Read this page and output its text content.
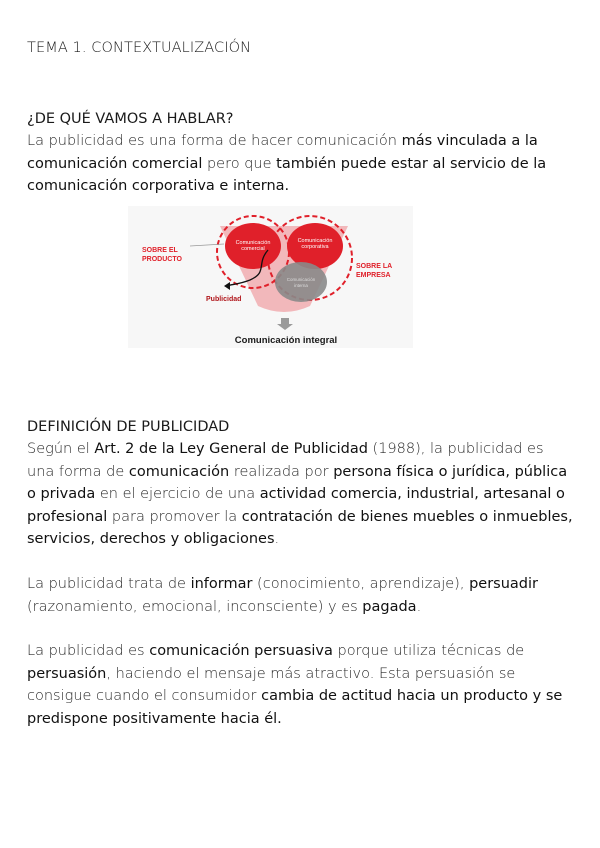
TEMA 1. CONTEXTUALIZACIÓN
¿DE QUÉ VAMOS A HABLAR?
La publicidad es una forma de hacer comunicación más vinculada a la comunicación comercial pero que también puede estar al servicio de la comunicación corporativa e interna.
Comunicación
comercial
Comunicación
corporativa
Comunicación
interna
SOBRE EL
PRODUCTO
SOBRE LA
EMPRESA
Publicidad
Comunicación integral
DEFINICIÓN DE PUBLICIDAD
Según el Art. 2 de la Ley General de Publicidad (1988), la publicidad es una forma de comunicación realizada por persona física o jurídica, pública o privada en el ejercicio de una actividad comercia, industrial, artesanal o profesional para promover la contratación de bienes muebles o inmuebles, servicios, derechos y obligaciones.
La publicidad trata de informar (conocimiento, aprendizaje), persuadir (razonamiento, emocional, inconsciente) y es pagada.
La publicidad es comunicación persuasiva porque utiliza técnicas de persuasión, haciendo el mensaje más atractivo. Esta persuasión se consigue cuando el consumidor cambia de actitud hacia un producto y se predispone positivamente hacia él.
